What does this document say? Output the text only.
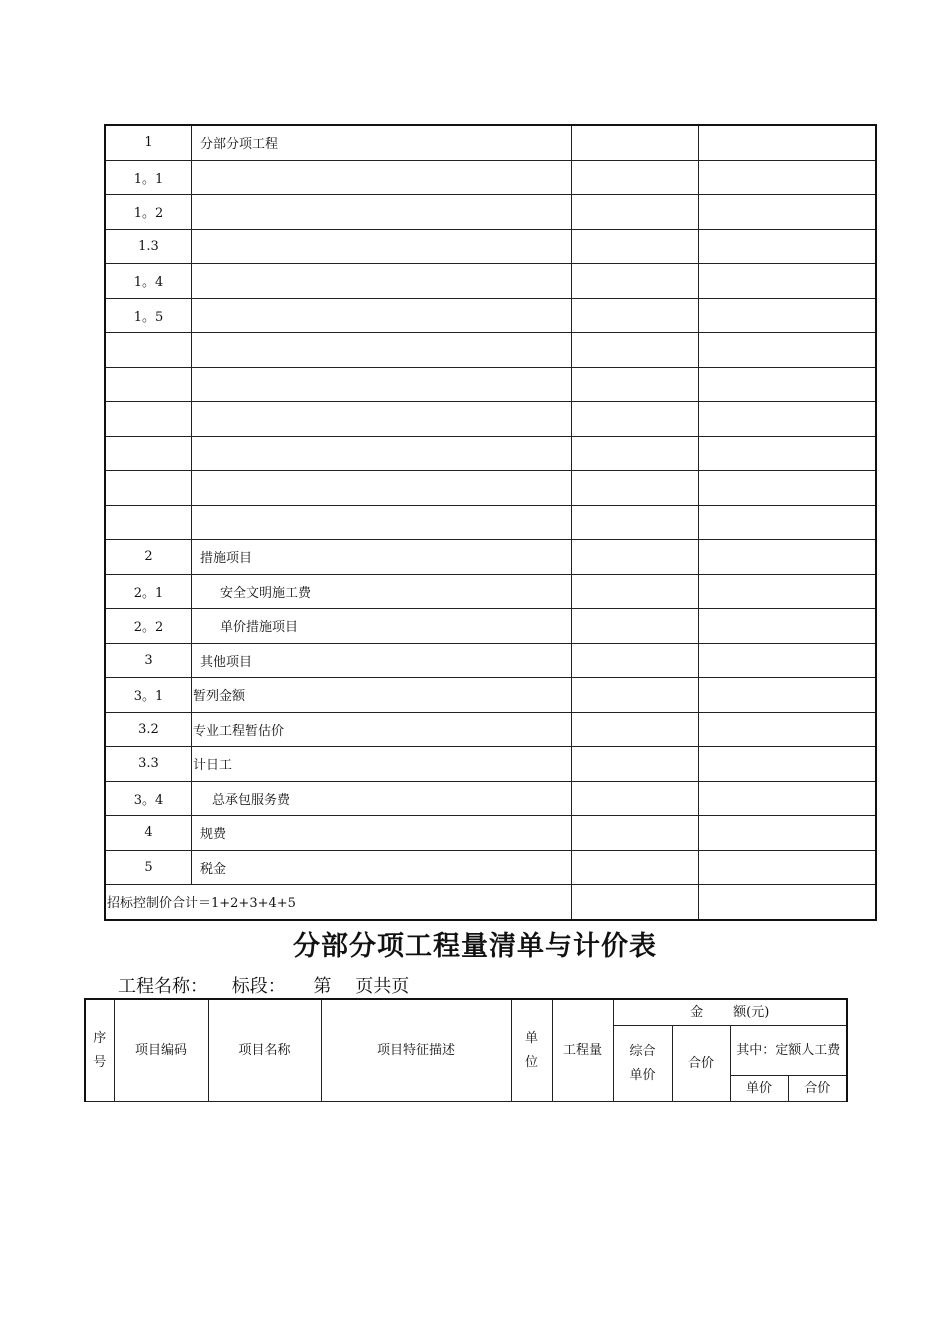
1	分部分项工程		
1。1			
1。2			
1.3			
1。4			
1。5			

2	措施项目		
2。1	安全文明施工费		
2。2	单价措施项目		
3	其他项目		
3。1	暂列金额		
3.2	专业工程暂估价		
3.3	计日工		
3。4	总承包服务费		
4	规费		
5	税金		
招标控制价合计＝1+2+3+4+5			
分部分项工程量清单与计价表
工程名称： 标段： 第 页共页
序号	项目编码	项目名称	项目特征描述	单位	工程量	金 额(元)			
						综合单价	合价	其中：定额人工费	
								单价	合价
